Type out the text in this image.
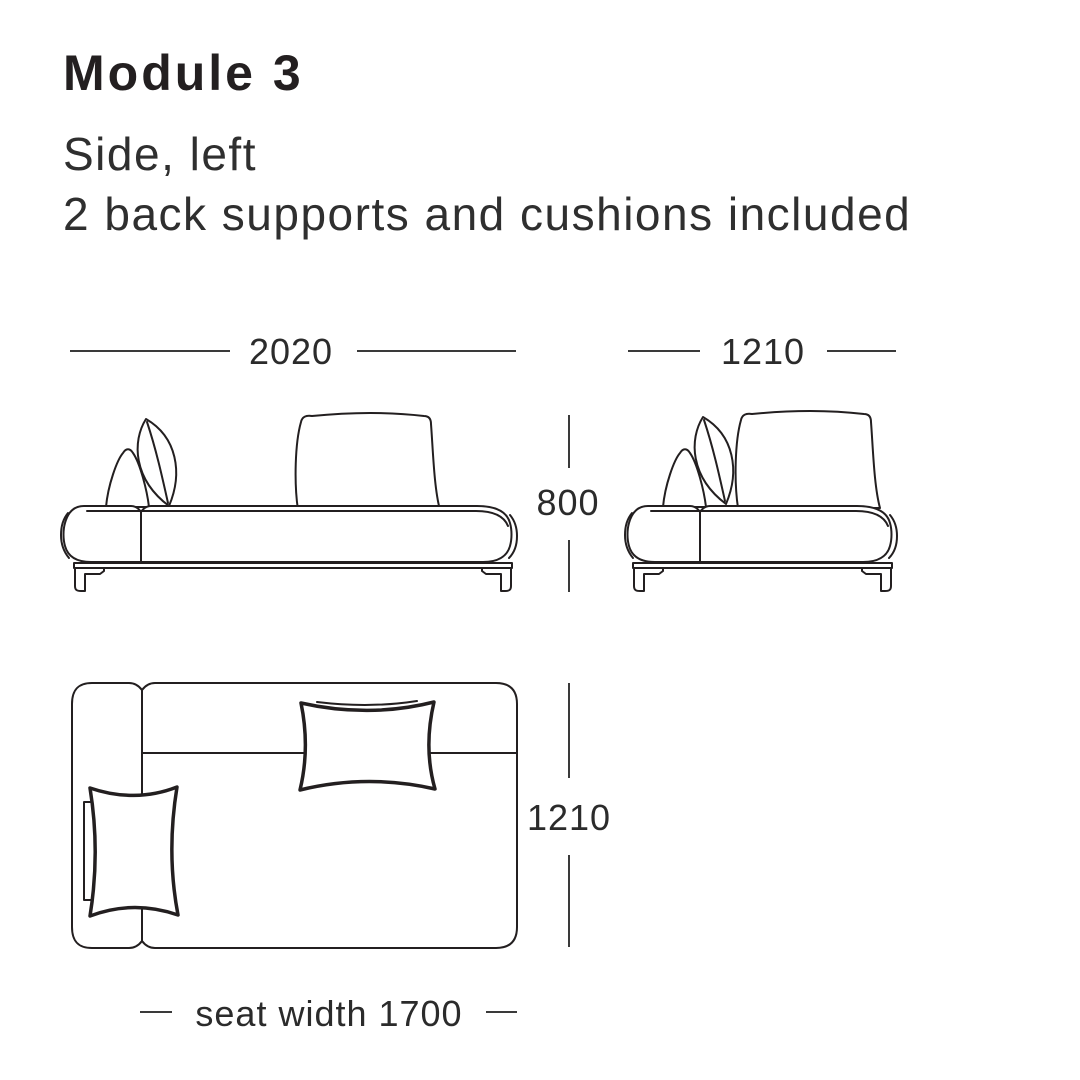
Module 3
Side, left
2 back supports and cushions included
2020	1210
800
1210
seat width 1700
